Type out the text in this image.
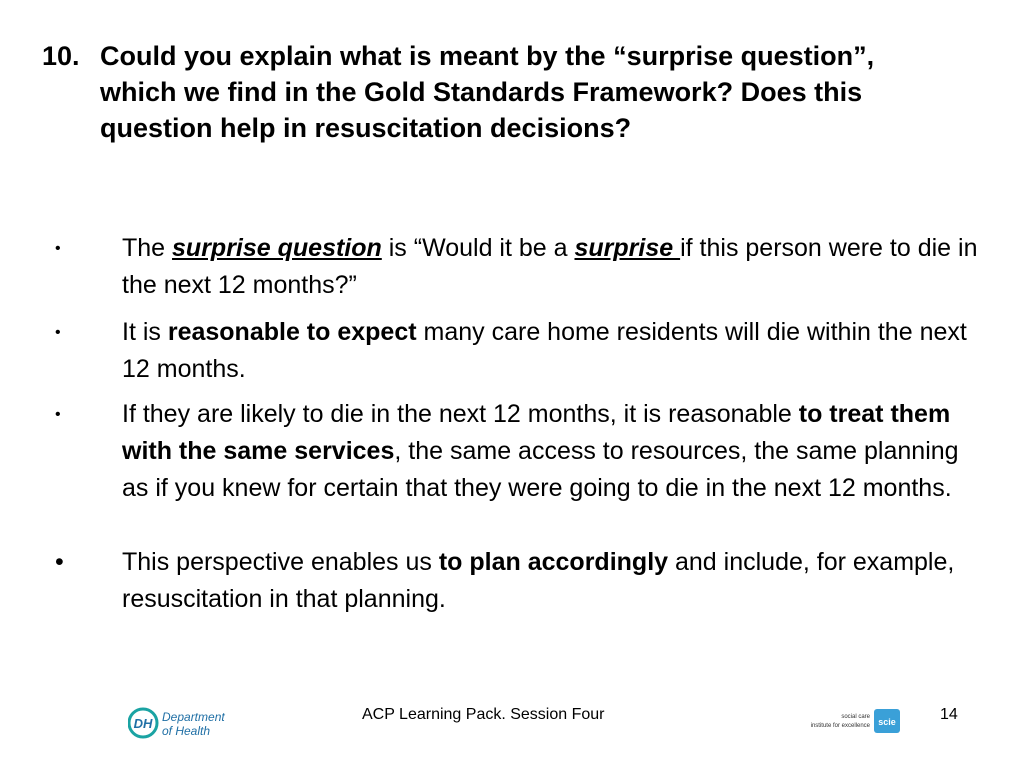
10. Could you explain what is meant by the “surprise question”, which we find in the Gold Standards Framework? Does this question help in resuscitation decisions?
• The surprise question is “Would it be a surprise if this person were to die in the next 12 months?”
• It is reasonable to expect many care home residents will die within the next 12 months.
• If they are likely to die in the next 12 months, it is reasonable to treat them with the same services, the same access to resources, the same planning as if you knew for certain that they were going to die in the next 12 months.
• This perspective enables us to plan accordingly and include, for example, resuscitation in that planning.
DH Department
of Health
ACP Learning Pack. Session Four	14
social care
institute for excellence scie
